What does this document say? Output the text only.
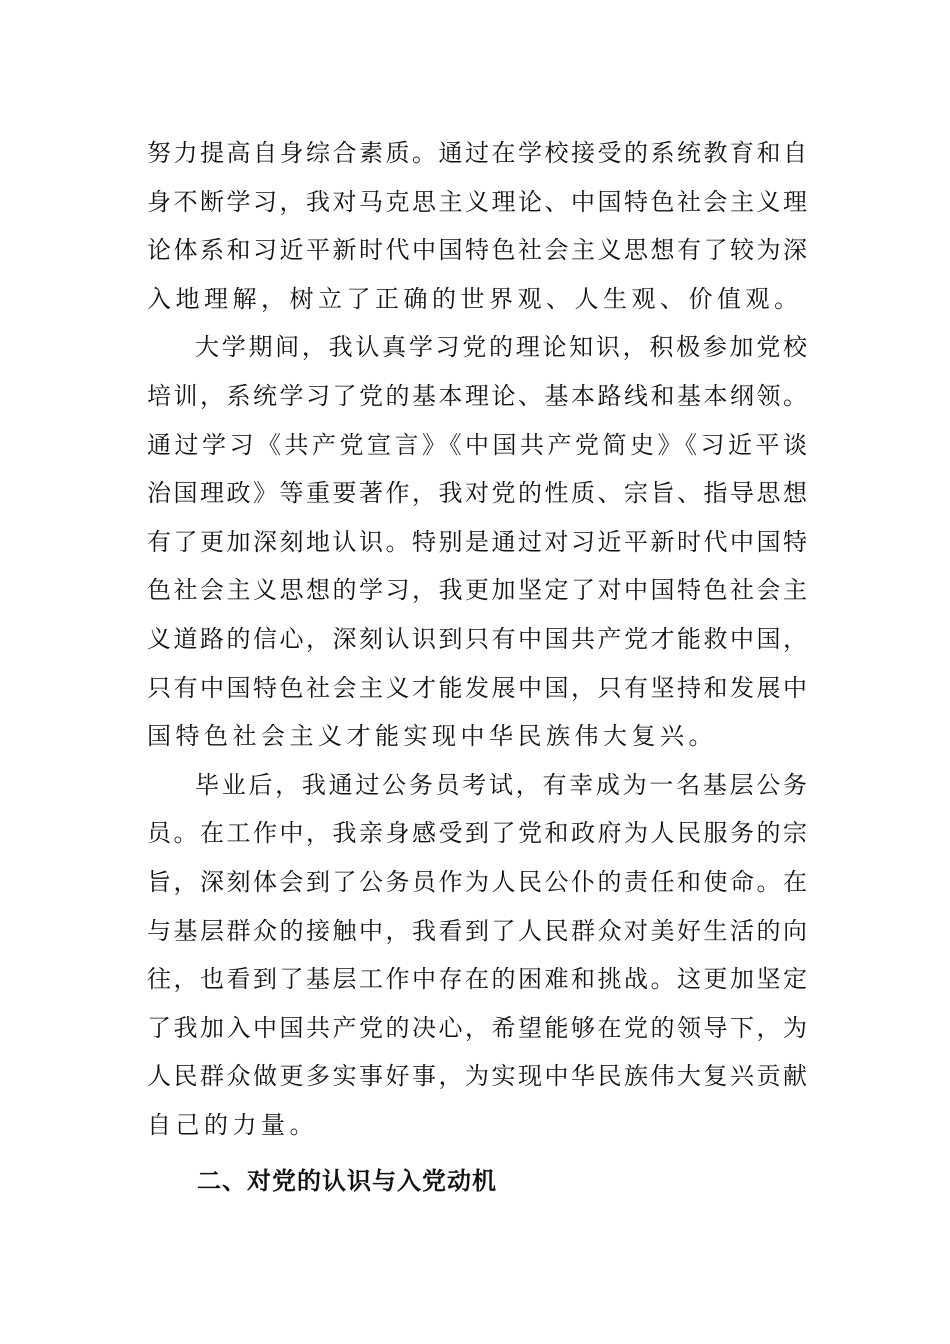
努力提高自身综合素质。通过在学校接受的系统教育和自
身不断学习，我对马克思主义理论、中国特色社会主义理
论体系和习近平新时代中国特色社会主义思想有了较为深
入地理解，树立了正确的世界观、人生观、价值观。
大学期间，我认真学习党的理论知识，积极参加党校
培训，系统学习了党的基本理论、基本路线和基本纲领。
通过学习《共产党宣言》《中国共产党简史》《习近平谈
治国理政》等重要著作，我对党的性质、宗旨、指导思想
有了更加深刻地认识。特别是通过对习近平新时代中国特
色社会主义思想的学习，我更加坚定了对中国特色社会主
义道路的信心，深刻认识到只有中国共产党才能救中国，
只有中国特色社会主义才能发展中国，只有坚持和发展中
国特色社会主义才能实现中华民族伟大复兴。
毕业后，我通过公务员考试，有幸成为一名基层公务
员。在工作中，我亲身感受到了党和政府为人民服务的宗
旨，深刻体会到了公务员作为人民公仆的责任和使命。在
与基层群众的接触中，我看到了人民群众对美好生活的向
往，也看到了基层工作中存在的困难和挑战。这更加坚定
了我加入中国共产党的决心，希望能够在党的领导下，为
人民群众做更多实事好事，为实现中华民族伟大复兴贡献
自己的力量。
二、对党的认识与入党动机
